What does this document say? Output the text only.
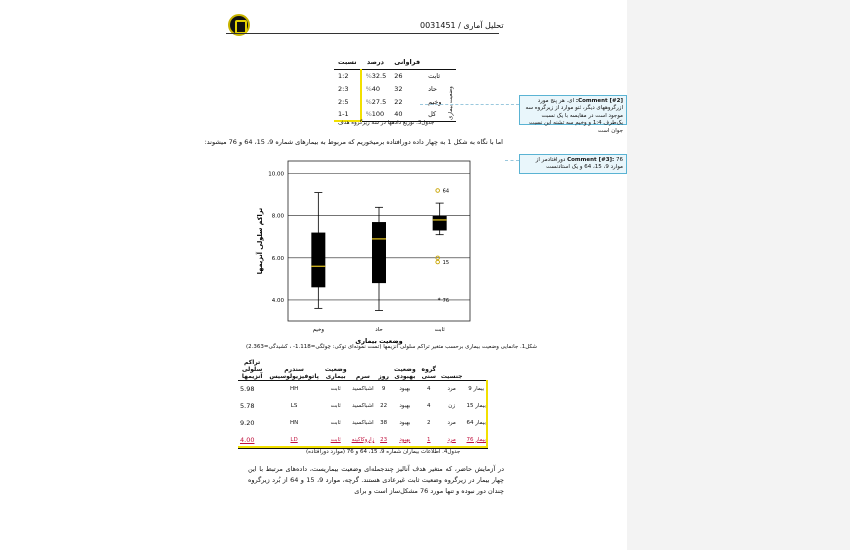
تحلیل آماری / 0031451
نسبت	درصد	فراوانی		
1:2	%32.5	26	ثابت	وضعیت بیماری
2:3	%40	32	حاد	
2:5	%27.5	22	وخیم	
1-1	%100	40	کل	
جدول3. توزیع دادهها در سه زیرگروه هدف
اما با نگاه به شکل 1 به چهار داده دورافتاده برمیخوریم که مربوط به بیمارهای شماره 9، 15، 64 و 76 میشوند:
Comment [#2]: ای. هر پنج مورد ازرگروههای دیگر، ثنو موارد از زیرگروه سه موجود است در مقایسه با یک نسبت یک‌طرف 1:4 و وخیم سه تشنه این نسبت جوان است
Comment [#3]: 76 دورافتادمر از موارد 9، 15، 64 و یک استادنست
4.00
6.00
8.00
10.00
تراکم سلولی آنزیمها
ثابت
حاد
وخیم
64
15
* 76
وضعیت بیماری
شکل1. جانمایی وضعیت بیماری برحسب متغیر تراکم سلولی آنزیمها (تست نمونه‌ای توکی: چولگی=1.118- ، کشیدگی=2.363)
تراکم سلولی آنزیمها	سندرم پاتوفیزیولوسیس	وضعیت بیماری	سرم	روز	وضعیت بهبودی	گروه سنی	جنسیت	
5.98	HH	ثابت	اشباکسید	9	بهبود	4	مرد	بیمار 9
5.78	LS	ثابت	اشباکسید	22	بهبود	4	زن	بیمار 15
9.20	HN	ثابت	اشباکسید	38	بهبود	2	مرد	بیمار 64
4.00	LD	ثابت	زاروکاکینه	23	بهبود	1	مرد	بیمار 76
جدول4. اطلاعات بیماران شماره 9، 15، 64 و 76 (موارد دورافتاده)
در آزمایش حاضر، که متغیر هدف آنالیز چندجمله‌ای وضعیت بیماریست، داده‌های مرتبط با این چهار بیمار در زیرگروه وضعیت ثابت غیرعادی هستند. گرچه، موارد 9، 15 و 64 از بُرد زیرگروه چندان دور نبوده و تنها مورد 76 مشکل‌ساز است و برای
